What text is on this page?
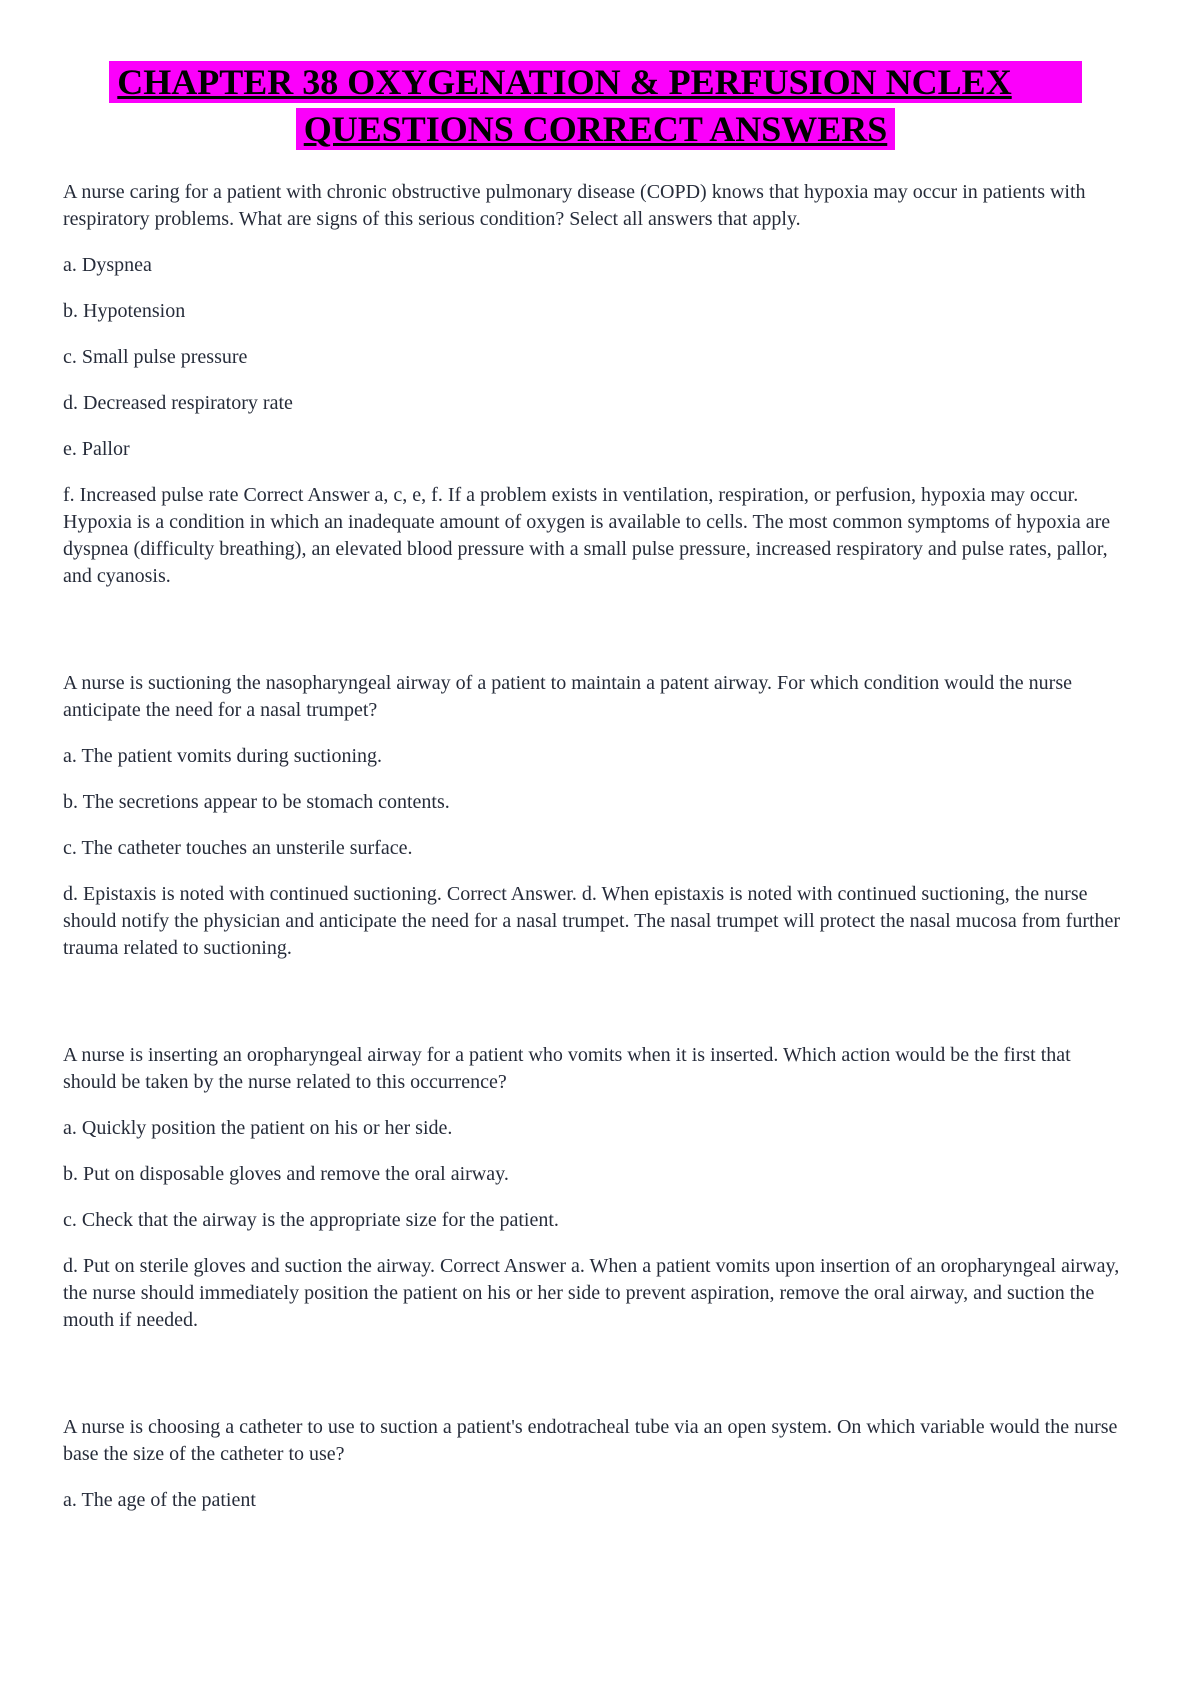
CHAPTER 38 OXYGENATION & PERFUSION NCLEX
QUESTIONS CORRECT ANSWERS

A nurse caring for a patient with chronic obstructive pulmonary disease (COPD) knows that hypoxia may occur in patients with respiratory problems. What are signs of this serious condition? Select all answers that apply.

a. Dyspnea

b. Hypotension

c. Small pulse pressure

d. Decreased respiratory rate

e. Pallor

f. Increased pulse rate Correct Answer a, c, e, f. If a problem exists in ventilation, respiration, or perfusion, hypoxia may occur. Hypoxia is a condition in which an inadequate amount of oxygen is available to cells. The most common symptoms of hypoxia are dyspnea (difficulty breathing), an elevated blood pressure with a small pulse pressure, increased respiratory and pulse rates, pallor, and cyanosis.

A nurse is suctioning the nasopharyngeal airway of a patient to maintain a patent airway. For which condition would the nurse anticipate the need for a nasal trumpet?

a. The patient vomits during suctioning.

b. The secretions appear to be stomach contents.

c. The catheter touches an unsterile surface.

d. Epistaxis is noted with continued suctioning. Correct Answer. d. When epistaxis is noted with continued suctioning, the nurse should notify the physician and anticipate the need for a nasal trumpet. The nasal trumpet will protect the nasal mucosa from further trauma related to suctioning.

A nurse is inserting an oropharyngeal airway for a patient who vomits when it is inserted. Which action would be the first that should be taken by the nurse related to this occurrence?

a. Quickly position the patient on his or her side.

b. Put on disposable gloves and remove the oral airway.

c. Check that the airway is the appropriate size for the patient.

d. Put on sterile gloves and suction the airway. Correct Answer a. When a patient vomits upon insertion of an oropharyngeal airway, the nurse should immediately position the patient on his or her side to prevent aspiration, remove the oral airway, and suction the mouth if needed.

A nurse is choosing a catheter to use to suction a patient's endotracheal tube via an open system. On which variable would the nurse base the size of the catheter to use?

a. The age of the patient
